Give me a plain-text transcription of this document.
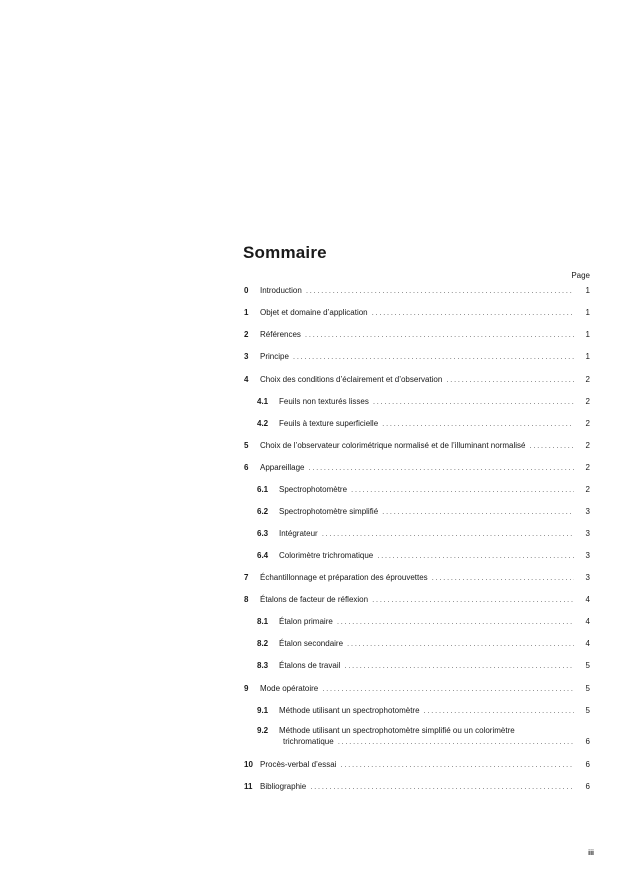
Sommaire
Page
0	Introduction .....	1
1	Objet et domaine d’application .....	1
2	Références .....	1
3	Principe .....	1
4	Choix des conditions d’éclairement et d’observation .....	2
4.1	Feuils non texturés lisses .....	2
4.2	Feuils à texture superficielle .....	2
5	Choix de l’observateur colorimétrique normalisé et de l’illuminant normalisé .....	2
6	Appareillage .....	2
6.1	Spectrophotomètre .....	2
6.2	Spectrophotomètre simplifié .....	3
6.3	Intégrateur .....	3
6.4	Colorimètre trichromatique .....	3
7	Échantillonnage et préparation des éprouvettes .....	3
8	Étalons de facteur de réflexion .....	4
8.1	Étalon primaire .....	4
8.2	Étalon secondaire .....	4
8.3	Étalons de travail .....	5
9	Mode opératoire .....	5
9.1	Méthode utilisant un spectrophotomètre .....	5
9.2	Méthode utilisant un spectrophotomètre simplifié ou un colorimètre
trichromatique .....	6
10 Procès-verbal d’essai .....	6
11 Bibliographie .....	6
iii
